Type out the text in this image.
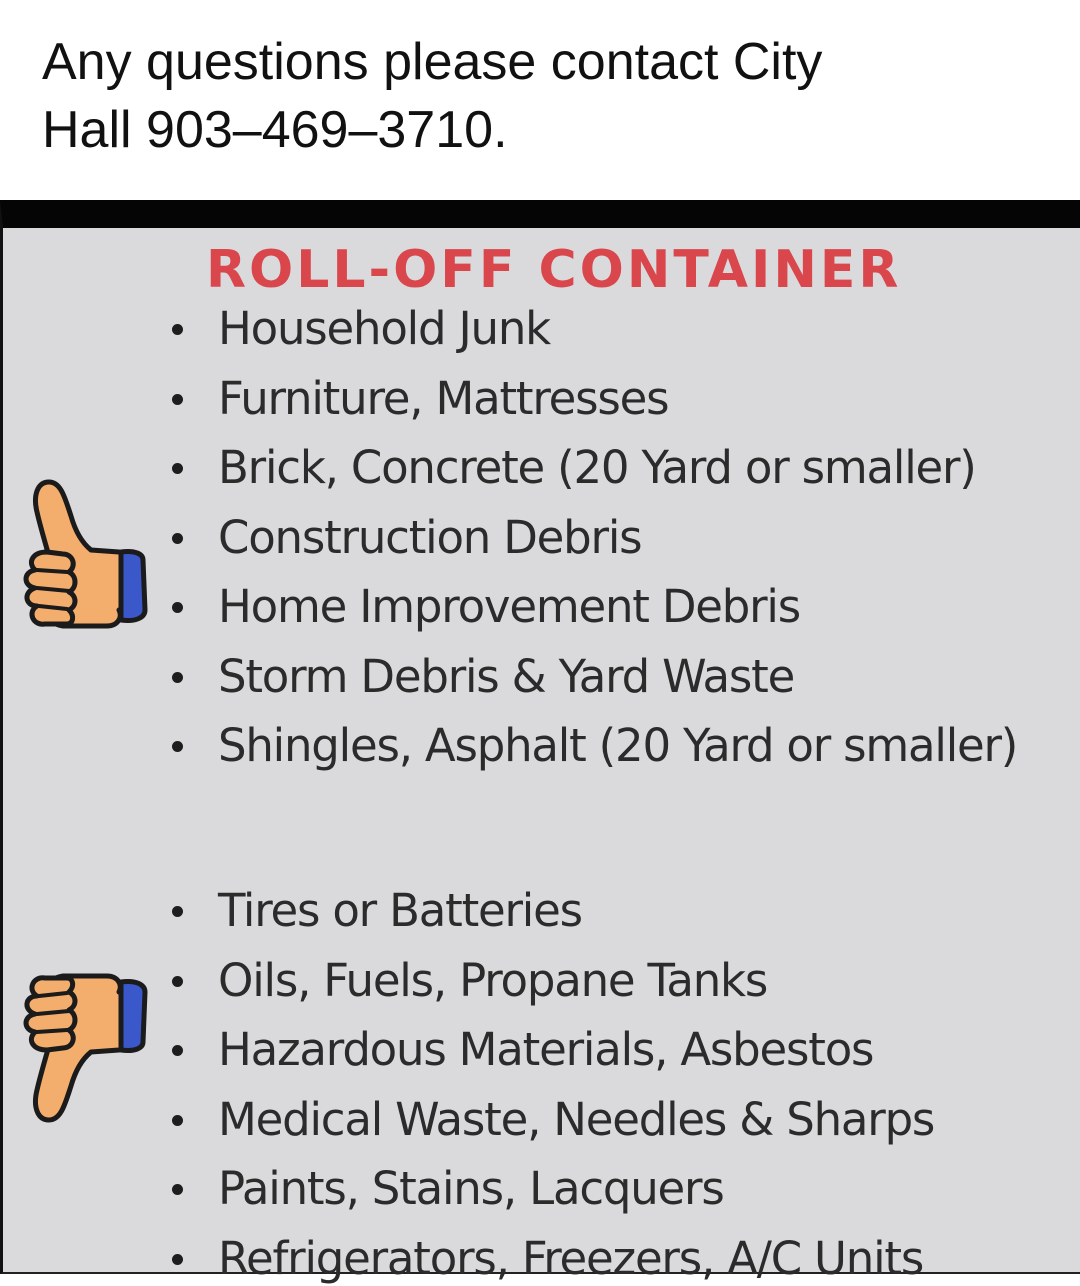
Any questions please contact City
Hall 903–469–3710.

ROLL-OFF CONTAINER
Household Junk
Furniture, Mattresses
Brick, Concrete (20 Yard or smaller)
Construction Debris
Home Improvement Debris
Storm Debris & Yard Waste
Shingles, Asphalt (20 Yard or smaller)
Tires or Batteries
Oils, Fuels, Propane Tanks
Hazardous Materials, Asbestos
Medical Waste, Needles & Sharps
Paints, Stains, Lacquers
Refrigerators, Freezers, A/C Units
